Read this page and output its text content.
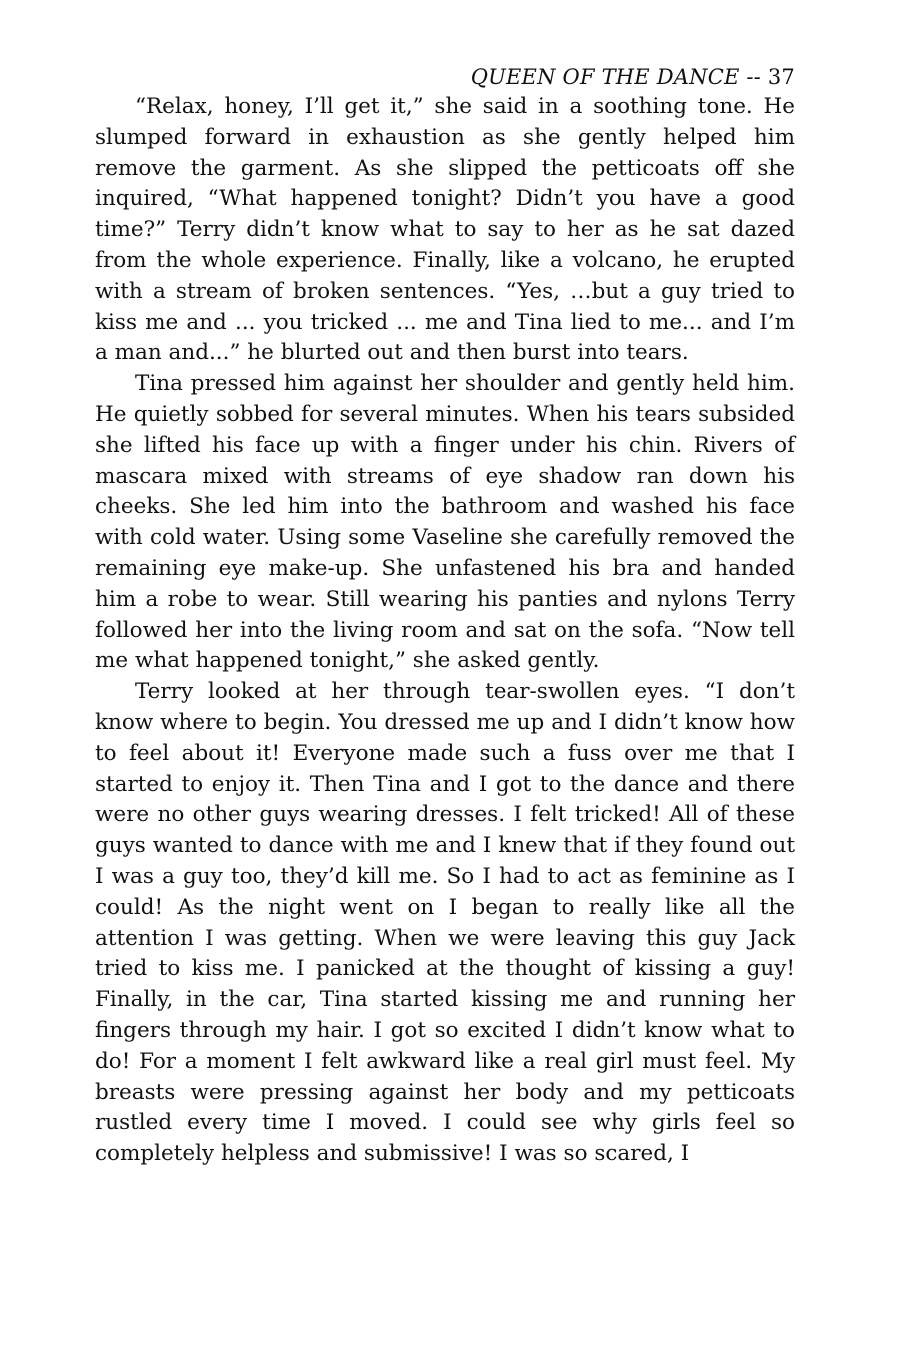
QUEEN OF THE DANCE -- 37

“Relax, honey, I’ll get it,” she said in a soothing tone. He slumped forward in exhaustion as she gently helped him remove the garment. As she slipped the petticoats off she inquired, “What happened tonight? Didn’t you have a good time?” Terry didn’t know what to say to her as he sat dazed from the whole experience. Finally, like a volcano, he erupted with a stream of broken sentences. “Yes, …but a guy tried to kiss me and ... you tricked ... me and Tina lied to me... and I’m a man and...” he blurted out and then burst into tears.

Tina pressed him against her shoulder and gently held him. He quietly sobbed for several minutes. When his tears subsided she lifted his face up with a finger under his chin. Rivers of mascara mixed with streams of eye shadow ran down his cheeks. She led him into the bathroom and washed his face with cold water. Using some Vaseline she carefully removed the remaining eye make-up. She unfastened his bra and handed him a robe to wear. Still wearing his panties and nylons Terry followed her into the living room and sat on the sofa. “Now tell me what happened tonight,” she asked gently.

Terry looked at her through tear-swollen eyes. “I don’t know where to begin. You dressed me up and I didn’t know how to feel about it! Everyone made such a fuss over me that I started to enjoy it. Then Tina and I got to the dance and there were no other guys wearing dresses. I felt tricked! All of these guys wanted to dance with me and I knew that if they found out I was a guy too, they’d kill me. So I had to act as feminine as I could! As the night went on I began to really like all the attention I was getting. When we were leaving this guy Jack tried to kiss me. I panicked at the thought of kissing a guy! Finally, in the car, Tina started kissing me and running her fingers through my hair. I got so excited I didn’t know what to do! For a moment I felt awkward like a real girl must feel. My breasts were pressing against her body and my petticoats rustled every time I moved. I could see why girls feel so completely helpless and submissive! I was so scared, I
